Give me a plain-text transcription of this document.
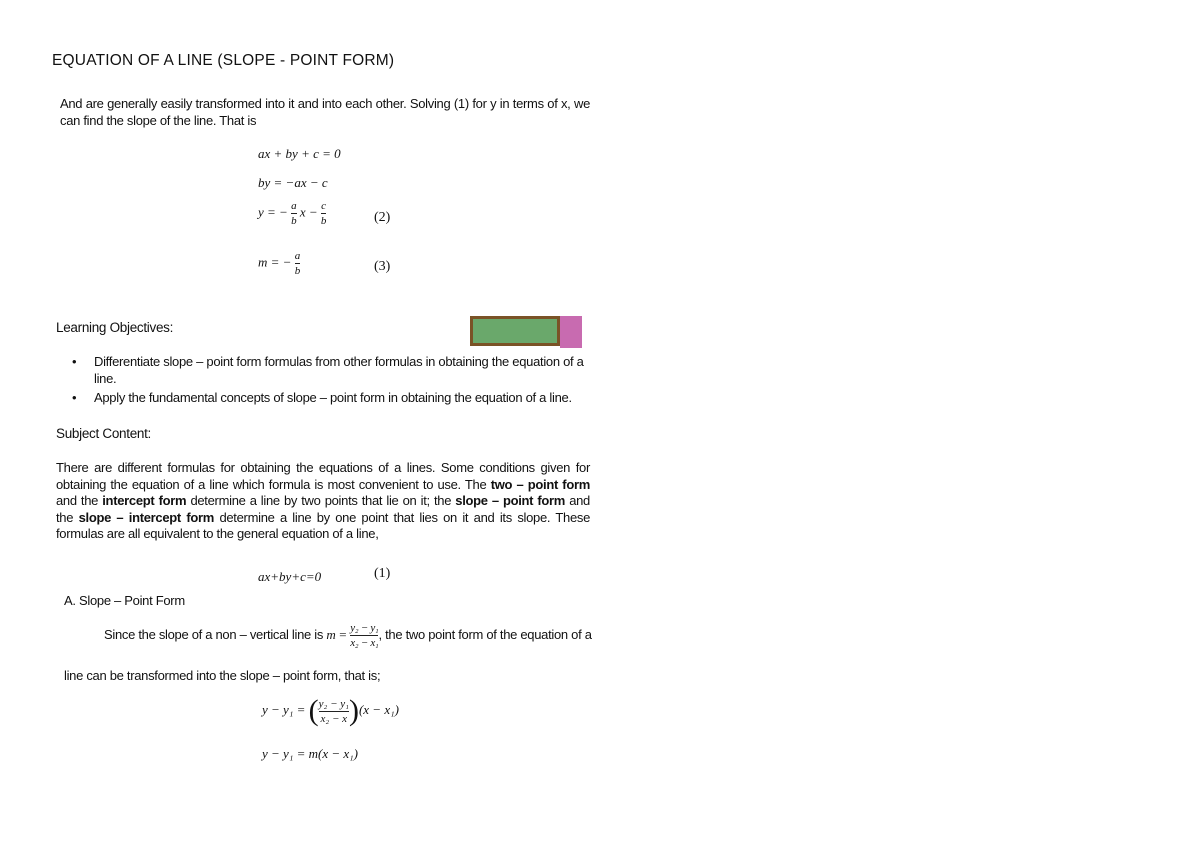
EQUATION OF A LINE (SLOPE - POINT FORM)
And are generally easily transformed into it and into each other. Solving (1) for y in terms of x, we can find the slope of the line. That is
ax + by + c = 0
by = −ax − c
y = − $\frac{a}{b}$ $x - \frac{c}{b}$	(2)
m = − $\frac{a}{b}$	(3)
Learning Objectives:
• Differentiate slope – point form formulas from other formulas in obtaining the equation of a line.
• Apply the fundamental concepts of slope – point form in obtaining the equation of a line.
Subject Content:
There are different formulas for obtaining the equations of a lines. Some conditions given for obtaining the equation of a line which formula is most convenient to use. The two – point form and the intercept form determine a line by two points that lie on it; the slope – point form and the slope – intercept form determine a line by one point that lies on it and its slope. These formulas are all equivalent to the general equation of a line,
ax+by+c=0	(1)
A. Slope – Point Form
Since the slope of a non – vertical line is $m = \frac{\text{y₂ − y₁}}{\text{x₂ − x₁}}$ , the two point form of the equation of a
line can be transformed into the slope – point form, that is;
y − y₁ = ( $\frac{\text{y₂ − y₁}}{\text{x₂ − x}} )(x - x_1)$
y − y₁ = m(x − x₁)
